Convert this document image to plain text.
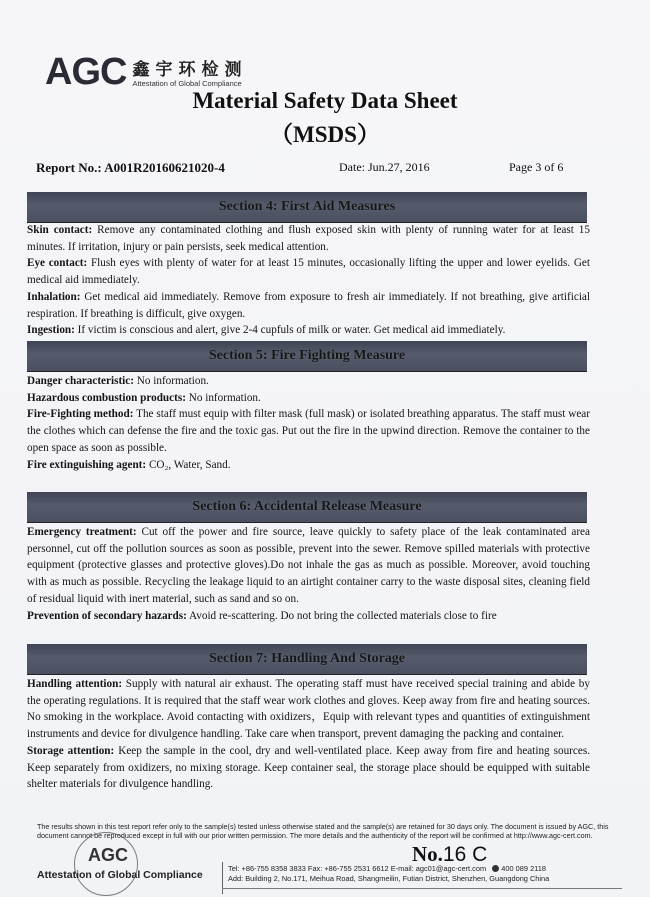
AGC 鑫宇环检测
Attestation of Global Compliance
Material Safety Data Sheet
（MSDS）
Report No.: A001R20160621020-4	Date: Jun.27, 2016	Page 3 of 6
Section 4: First Aid Measures

Skin contact: Remove any contaminated clothing and flush exposed skin with plenty of running water for at least 15 minutes. If irritation, injury or pain persists, seek medical attention.

Eye contact: Flush eyes with plenty of water for at least 15 minutes, occasionally lifting the upper and lower eyelids. Get medical aid immediately.

Inhalation: Get medical aid immediately. Remove from exposure to fresh air immediately. If not breathing, give artificial respiration. If breathing is difficult, give oxygen.

Ingestion: If victim is conscious and alert, give 2-4 cupfuls of milk or water. Get medical aid immediately.

Section 5: Fire Fighting Measure

Danger characteristic: No information.

Hazardous combustion products: No information.

Fire-Fighting method: The staff must equip with filter mask (full mask) or isolated breathing apparatus. The staff must wear the clothes which can defense the fire and the toxic gas. Put out the fire in the upwind direction. Remove the container to the open space as soon as possible.

Fire extinguishing agent: CO₂, Water, Sand.

Section 6: Accidental Release Measure

Emergency treatment: Cut off the power and fire source, leave quickly to safety place of the leak contaminated area personnel, cut off the pollution sources as soon as possible, prevent into the sewer. Remove spilled materials with protective equipment (protective glasses and protective gloves).Do not inhale the gas as much as possible. Moreover, avoid touching with as much as possible. Recycling the leakage liquid to an airtight container carry to the waste disposal sites, cleaning field of residual liquid with inert material, such as sand and so on.

Prevention of secondary hazards: Avoid re-scattering. Do not bring the collected materials close to fire

Section 7: Handling And Storage

Handling attention: Supply with natural air exhaust. The operating staff must have received special training and abide by the operating regulations. It is required that the staff wear work clothes and gloves. Keep away from fire and heating sources. No smoking in the workplace. Avoid contacting with oxidizers，Equip with relevant types and quantities of extinguishment instruments and device for divulgence handling. Take care when transport, prevent damaging the packing and container.

Storage attention: Keep the sample in the cool, dry and well-ventilated place. Keep away from fire and heating sources. Keep separately from oxidizers, no mixing storage. Keep container seal, the storage place should be equipped with suitable shelter materials for divulgence handling.

The results shown in this test report refer only to the sample(s) tested unless otherwise stated and the sample(s) are retained for 30 days only. The document is issued by AGC, this document cannot be reproduced except in full with our prior written permission. The more details and the authenticity of the report will be confirmed at http://www.agc-cert.com.
AGC
Attestation of Global Compliance
No.16 C
Tel: +86-755 8358 3833 Fax: +86-755 2531 6612 E-mail: agc01@agc-cert.com 400 089 2118
Add: Building 2, No.171, Meihua Road, Shangmeilin, Futian District, Shenzhen, Guangdong China
